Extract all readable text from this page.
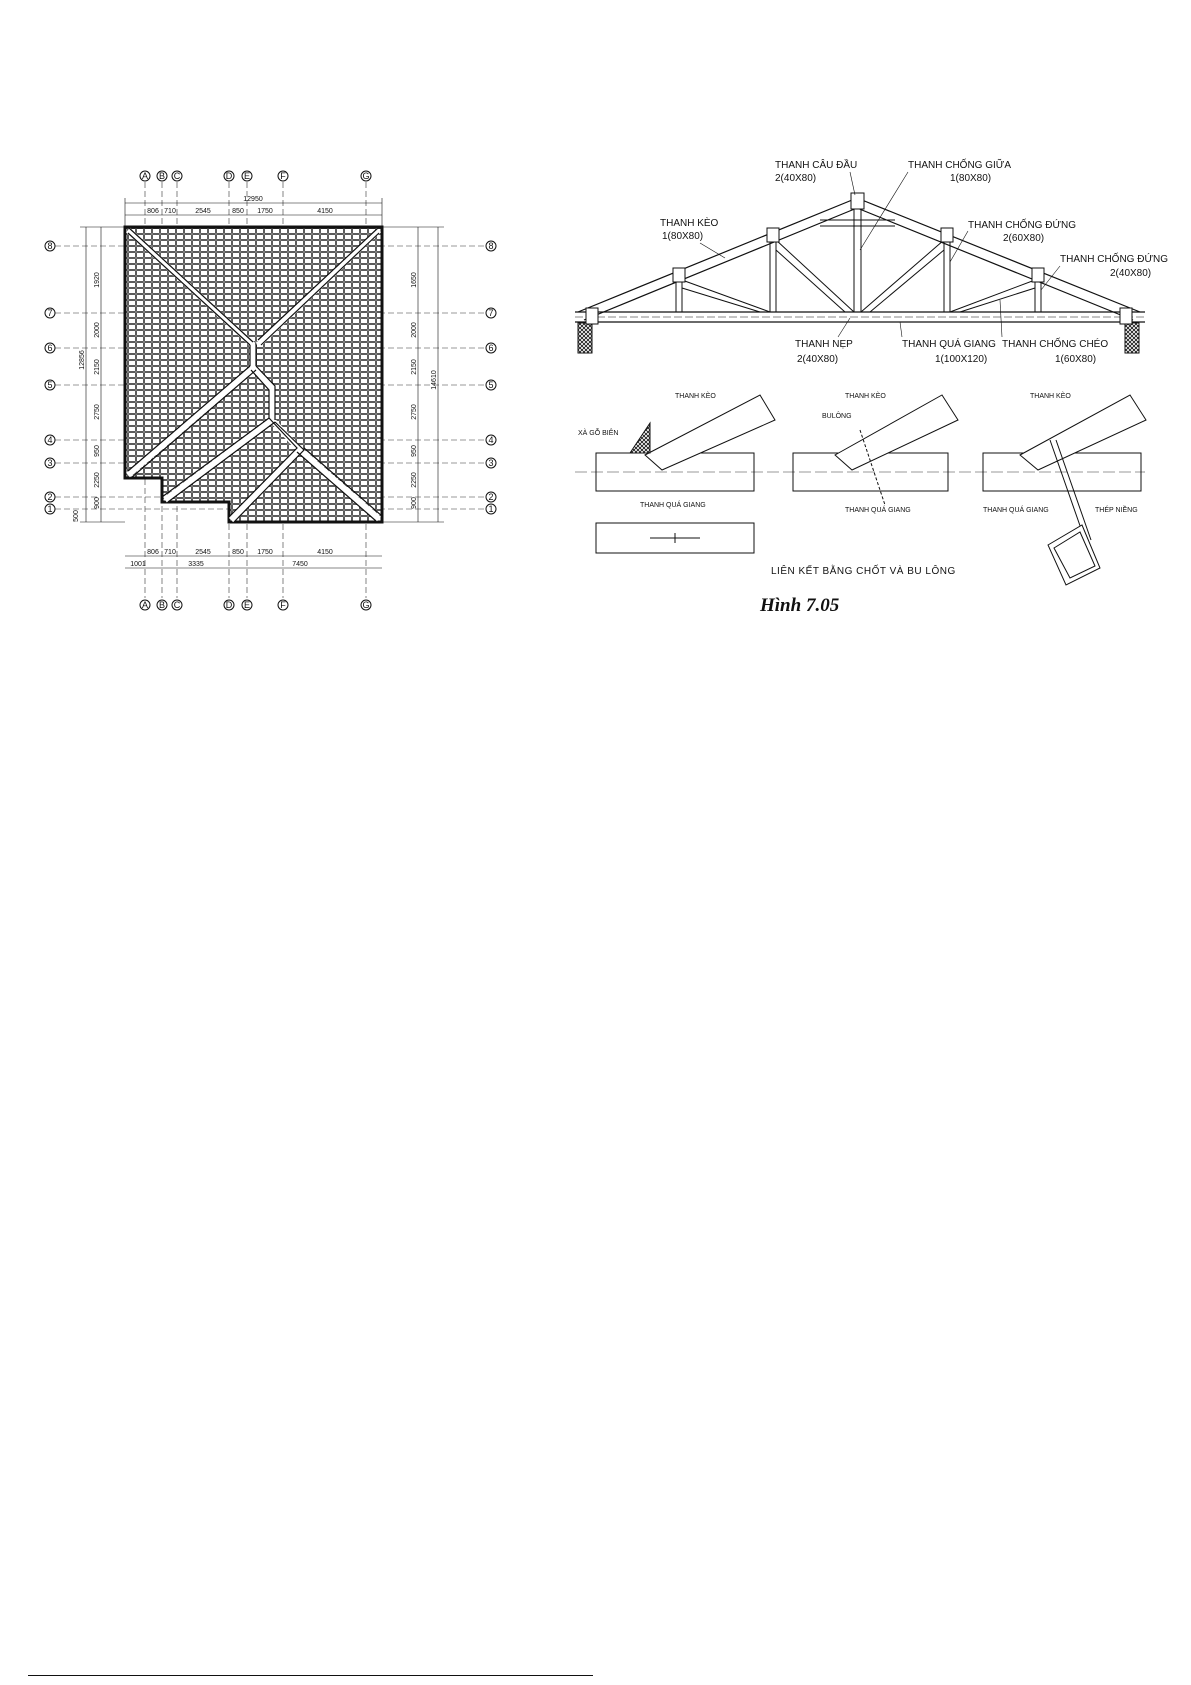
A B C	D E	F	G
A B C	D E	F	G
8
7
6
5
4
3
2
1
8
7
6
5
4
3
2
1
12950
806 710	2545	850 1750	4150
806 710	2545	850 1750	4150
1001	3335	7450
12856
1920
2000
2150
2750
950
2250
900
500
1650
2000
2150
2750
950
2250
900
14610
THANH CÂU ĐẦU
2(40X80)
THANH CHỐNG GIỮA
1(80X80)
THANH KÈO
1(80X80)
THANH CHỐNG ĐỨNG
2(60X80)
THANH CHỐNG ĐỨNG
2(40X80)
THANH NẸP
2(40X80)
THANH QUÁ GIANG
1(100X120)
THANH CHỐNG CHÉO
1(60X80)
THANH KÈO
XÀ GỖ BIÊN
THANH QUÁ GIANG
THANH KÈO
BULÔNG
THANH QUÁ GIANG
THANH KÈO
THANH QUÁ GIANG	THÉP NIỀNG
LIÊN KẾT BẰNG CHỐT VÀ BU LÔNG
Hình 7.05
